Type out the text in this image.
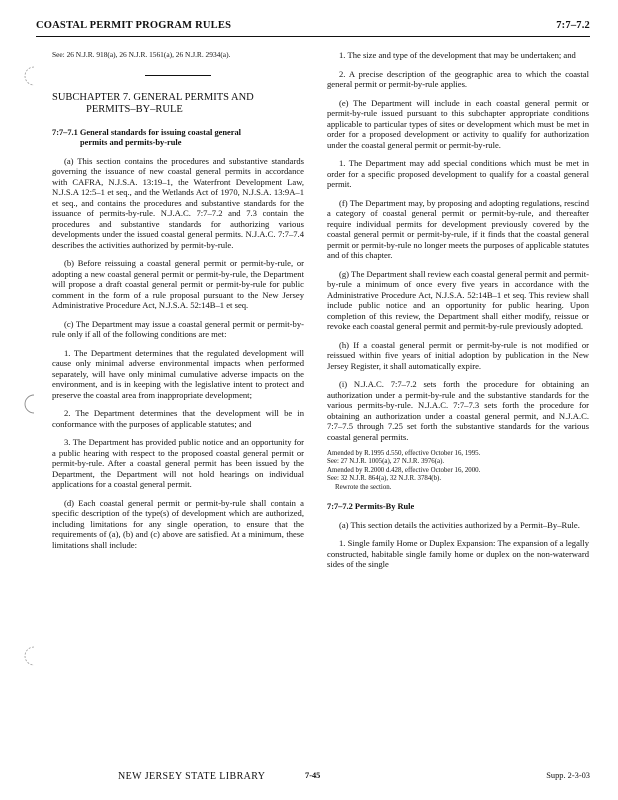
COASTAL PERMIT PROGRAM RULES	7:7–7.2

See: 26 N.J.R. 918(a), 26 N.J.R. 1561(a), 26 N.J.R. 2934(a).

SUBCHAPTER 7. GENERAL PERMITS AND
PERMITS–BY–RULE
7:7–7.1 General standards for issuing coastal general
permits and permits-by-rule

(a) This section contains the procedures and substantive standards governing the issuance of new coastal general permits in accordance with CAFRA, N.J.S.A. 13:19–1, the Waterfront Development Law, N.J.S.A 12:5–1 et seq., and the Wetlands Act of 1970, N.J.S.A. 13:9A–1 et seq., and contains the procedures and substantive standards for the issuance of permits-by-rule. N.J.A.C. 7:7–7.2 and 7.3 contain the procedures and substantive standards for authorizing various developments under the issued coastal general permits. N.J.A.C. 7:7–7.4 describes the activities authorized by permit-by-rule.

(b) Before reissuing a coastal general permit or permit-by-rule, or adopting a new coastal general permit or permit-by-rule, the Department will propose a draft coastal general permit or permit-by-rule for public comment in the form of a rule proposal pursuant to the New Jersey Administrative Procedure Act, N.J.S.A. 52:14B–1 et seq.

(c) The Department may issue a coastal general permit or permit-by-rule only if all of the following conditions are met:

1. The Department determines that the regulated development will cause only minimal adverse environmental impacts when performed separately, will have only minimal cumulative adverse impacts on the environment, and is in keeping with the legislative intent to protect and preserve the coastal area from inappropriate development;

2. The Department determines that the development will be in conformance with the purposes of applicable statutes; and

3. The Department has provided public notice and an opportunity for a public hearing with respect to the proposed coastal general permit or permit-by-rule. After a coastal general permit has been issued by the Department, the Department will not hold hearings on individual applications for a coastal general permit.

(d) Each coastal general permit or permit-by-rule shall contain a specific description of the type(s) of development which are authorized, including limitations for any single operation, to ensure that the requirements of (a), (b) and (c) above are satisfied. At a minimum, these limitations shall include:

1. The size and type of the development that may be undertaken; and

2. A precise description of the geographic area to which the coastal general permit or permit-by-rule applies.

(e) The Department will include in each coastal general permit or permit-by-rule issued pursuant to this subchapter appropriate conditions applicable to particular types of sites or development which must be met in order for a proposed development or activity to qualify for authorization under the coastal general permit or permit-by-rule.

1. The Department may add special conditions which must be met in order for a specific proposed development to qualify for a coastal general permit.

(f) The Department may, by proposing and adopting regulations, rescind a category of coastal general permit or permit-by-rule, and thereafter require individual permits for development previously covered by the coastal general permit or permit-by-rule, if it finds that the coastal general permit or permit-by-rule no longer meets the purposes of applicable statutes and of this chapter.

(g) The Department shall review each coastal general permit and permit-by-rule a minimum of once every five years in accordance with the Administrative Procedure Act, N.J.S.A. 52:14B–1 et seq. This review shall include public notice and an opportunity for public hearing. Upon completion of this review, the Department shall either modify, reissue or revoke each coastal general permit and permit-by-rule previously adopted.

(h) If a coastal general permit or permit-by-rule is not modified or reissued within five years of initial adoption by publication in the New Jersey Register, it shall automatically expire.

(i) N.J.A.C. 7:7–7.2 sets forth the procedure for obtaining an authorization under a permit-by-rule and the substantive standards for the various permits-by-rule. N.J.A.C. 7:7–7.3 sets forth the procedure for obtaining an authorization under a coastal general permit, and N.J.A.C. 7:7–7.5 through 7.25 set forth the substantive standards for the various coastal general permits.

Amended by R.1995 d.550, effective October 16, 1995.

See: 27 N.J.R. 1005(a), 27 N.J.R. 3976(a).

Amended by R.2000 d.428, effective October 16, 2000.

See: 32 N.J.R. 864(a), 32 N.J.R. 3784(b).

Rewrote the section.

7:7–7.2 Permits-By Rule

(a) This section details the activities authorized by a Permit–By–Rule.

1. Single family Home or Duplex Expansion: The expansion of a legally constructed, habitable single family home or duplex on the non-waterward sides of the single

NEW JERSEY STATE LIBRARY	7-45	Supp. 2-3-03
